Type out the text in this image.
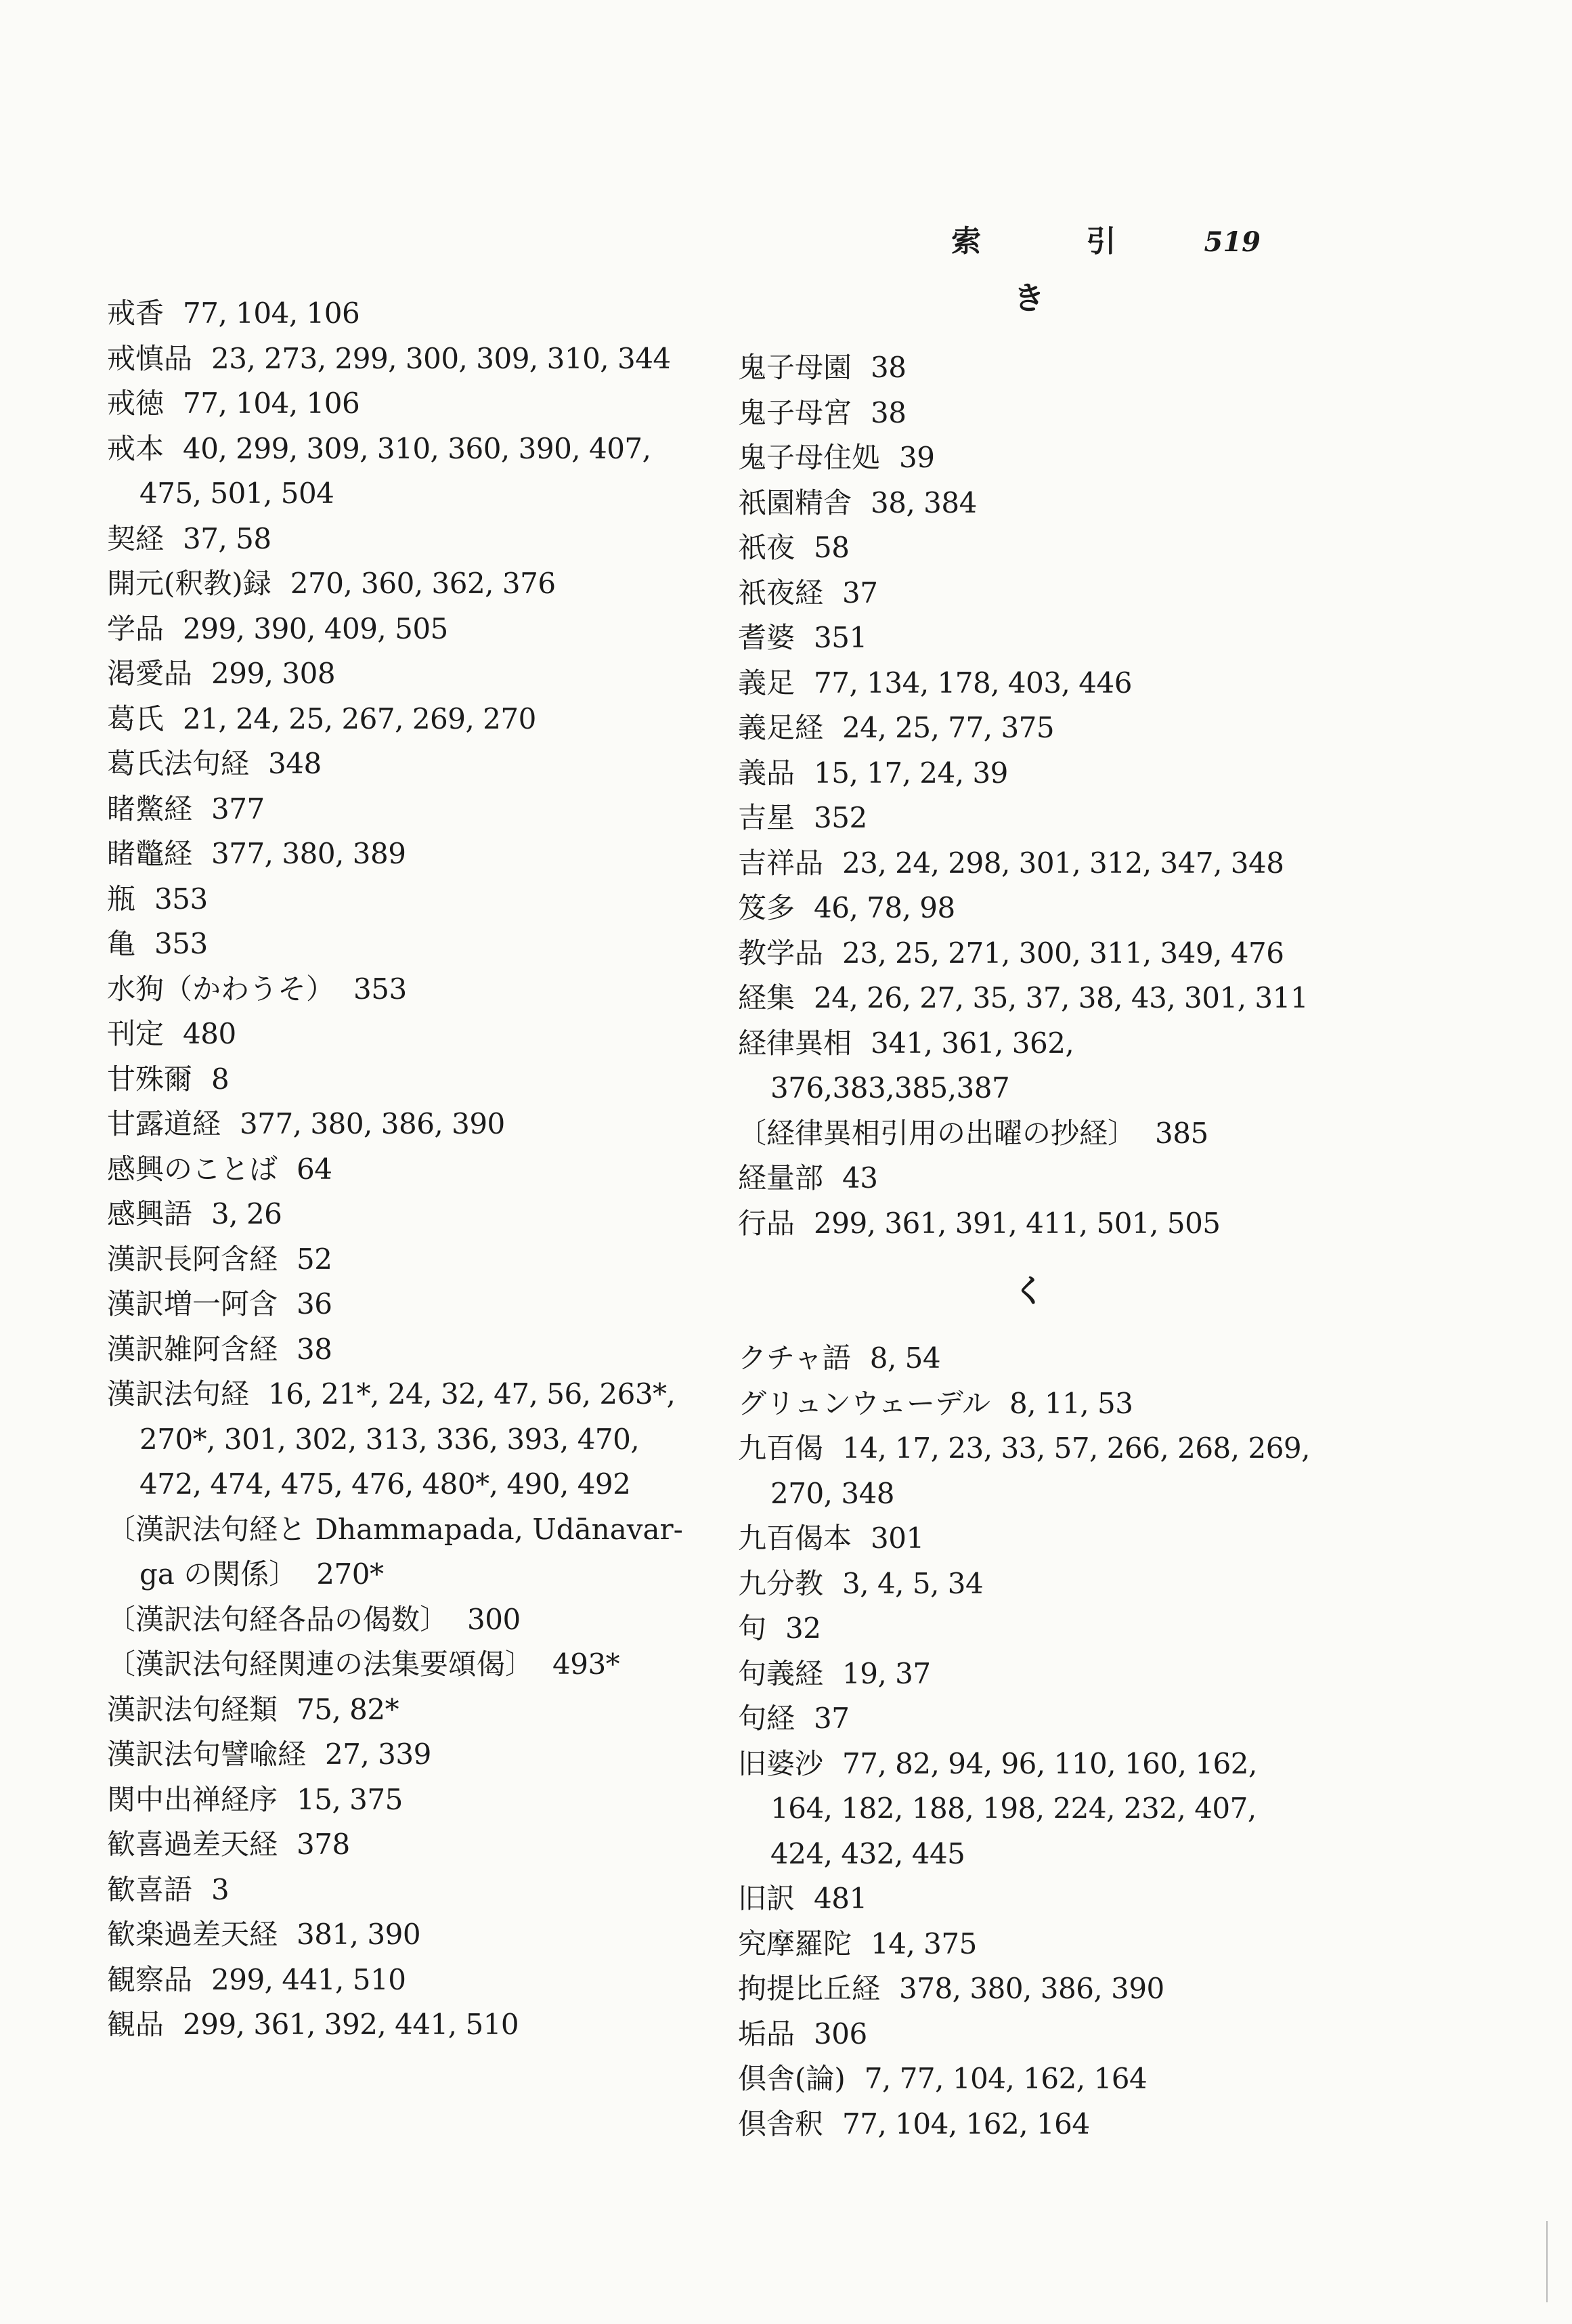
索 引 519

戒香 77, 104, 106

戒慎品 23, 273, 299, 300, 309, 310, 344

戒徳 77, 104, 106

戒本 40, 299, 309, 310, 360, 390, 407, 475, 501, 504

契経 37, 58

開元(釈教)録 270, 360, 362, 376

学品 299, 390, 409, 505

渇愛品 299, 308

葛氏 21, 24, 25, 267, 269, 270

葛氏法句経 348

睹鱉経 377

睹鼈経 377, 380, 389

瓶 353

亀 353

水狗（かわうそ） 353

刊定 480

甘殊爾 8

甘露道経 377, 380, 386, 390

感興のことば 64

感興語 3, 26

漢訳長阿含経 52

漢訳増一阿含 36

漢訳雑阿含経 38

漢訳法句経 16, 21*, 24, 32, 47, 56, 263*, 270*, 301, 302, 313, 336, 393, 470, 472, 474, 475, 476, 480*, 490, 492

〔漢訳法句経と Dhammapada, Udānavar-ga の関係〕 270*

〔漢訳法句経各品の偈数〕 300

〔漢訳法句経関連の法集要頌偈〕 493*

漢訳法句経類 75, 82*

漢訳法句譬喩経 27, 339

関中出禅経序 15, 375

歓喜過差天経 378

歓喜語 3

歓楽過差天経 381, 390

観察品 299, 441, 510

観品 299, 361, 392, 441, 510

き

鬼子母園 38

鬼子母宮 38

鬼子母住処 39

祇園精舎 38, 384

祇夜 58

祇夜経 37

耆婆 351

義足 77, 134, 178, 403, 446

義足経 24, 25, 77, 375

義品 15, 17, 24, 39

吉星 352

吉祥品 23, 24, 298, 301, 312, 347, 348

笈多 46, 78, 98

教学品 23, 25, 271, 300, 311, 349, 476

経集 24, 26, 27, 35, 37, 38, 43, 301, 311

経律異相 341, 361, 362, 376,383,385,387

〔経律異相引用の出曜の抄経〕 385

経量部 43

行品 299, 361, 391, 411, 501, 505

く

クチャ語 8, 54

グリュンウェーデル 8, 11, 53

九百偈 14, 17, 23, 33, 57, 266, 268, 269, 270, 348

九百偈本 301

九分教 3, 4, 5, 34

句 32

句義経 19, 37

句経 37

旧婆沙 77, 82, 94, 96, 110, 160, 162, 164, 182, 188, 198, 224, 232, 407, 424, 432, 445

旧訳 481

究摩羅陀 14, 375

拘提比丘経 378, 380, 386, 390

垢品 306

倶舎(論) 7, 77, 104, 162, 164

倶舎釈 77, 104, 162, 164
